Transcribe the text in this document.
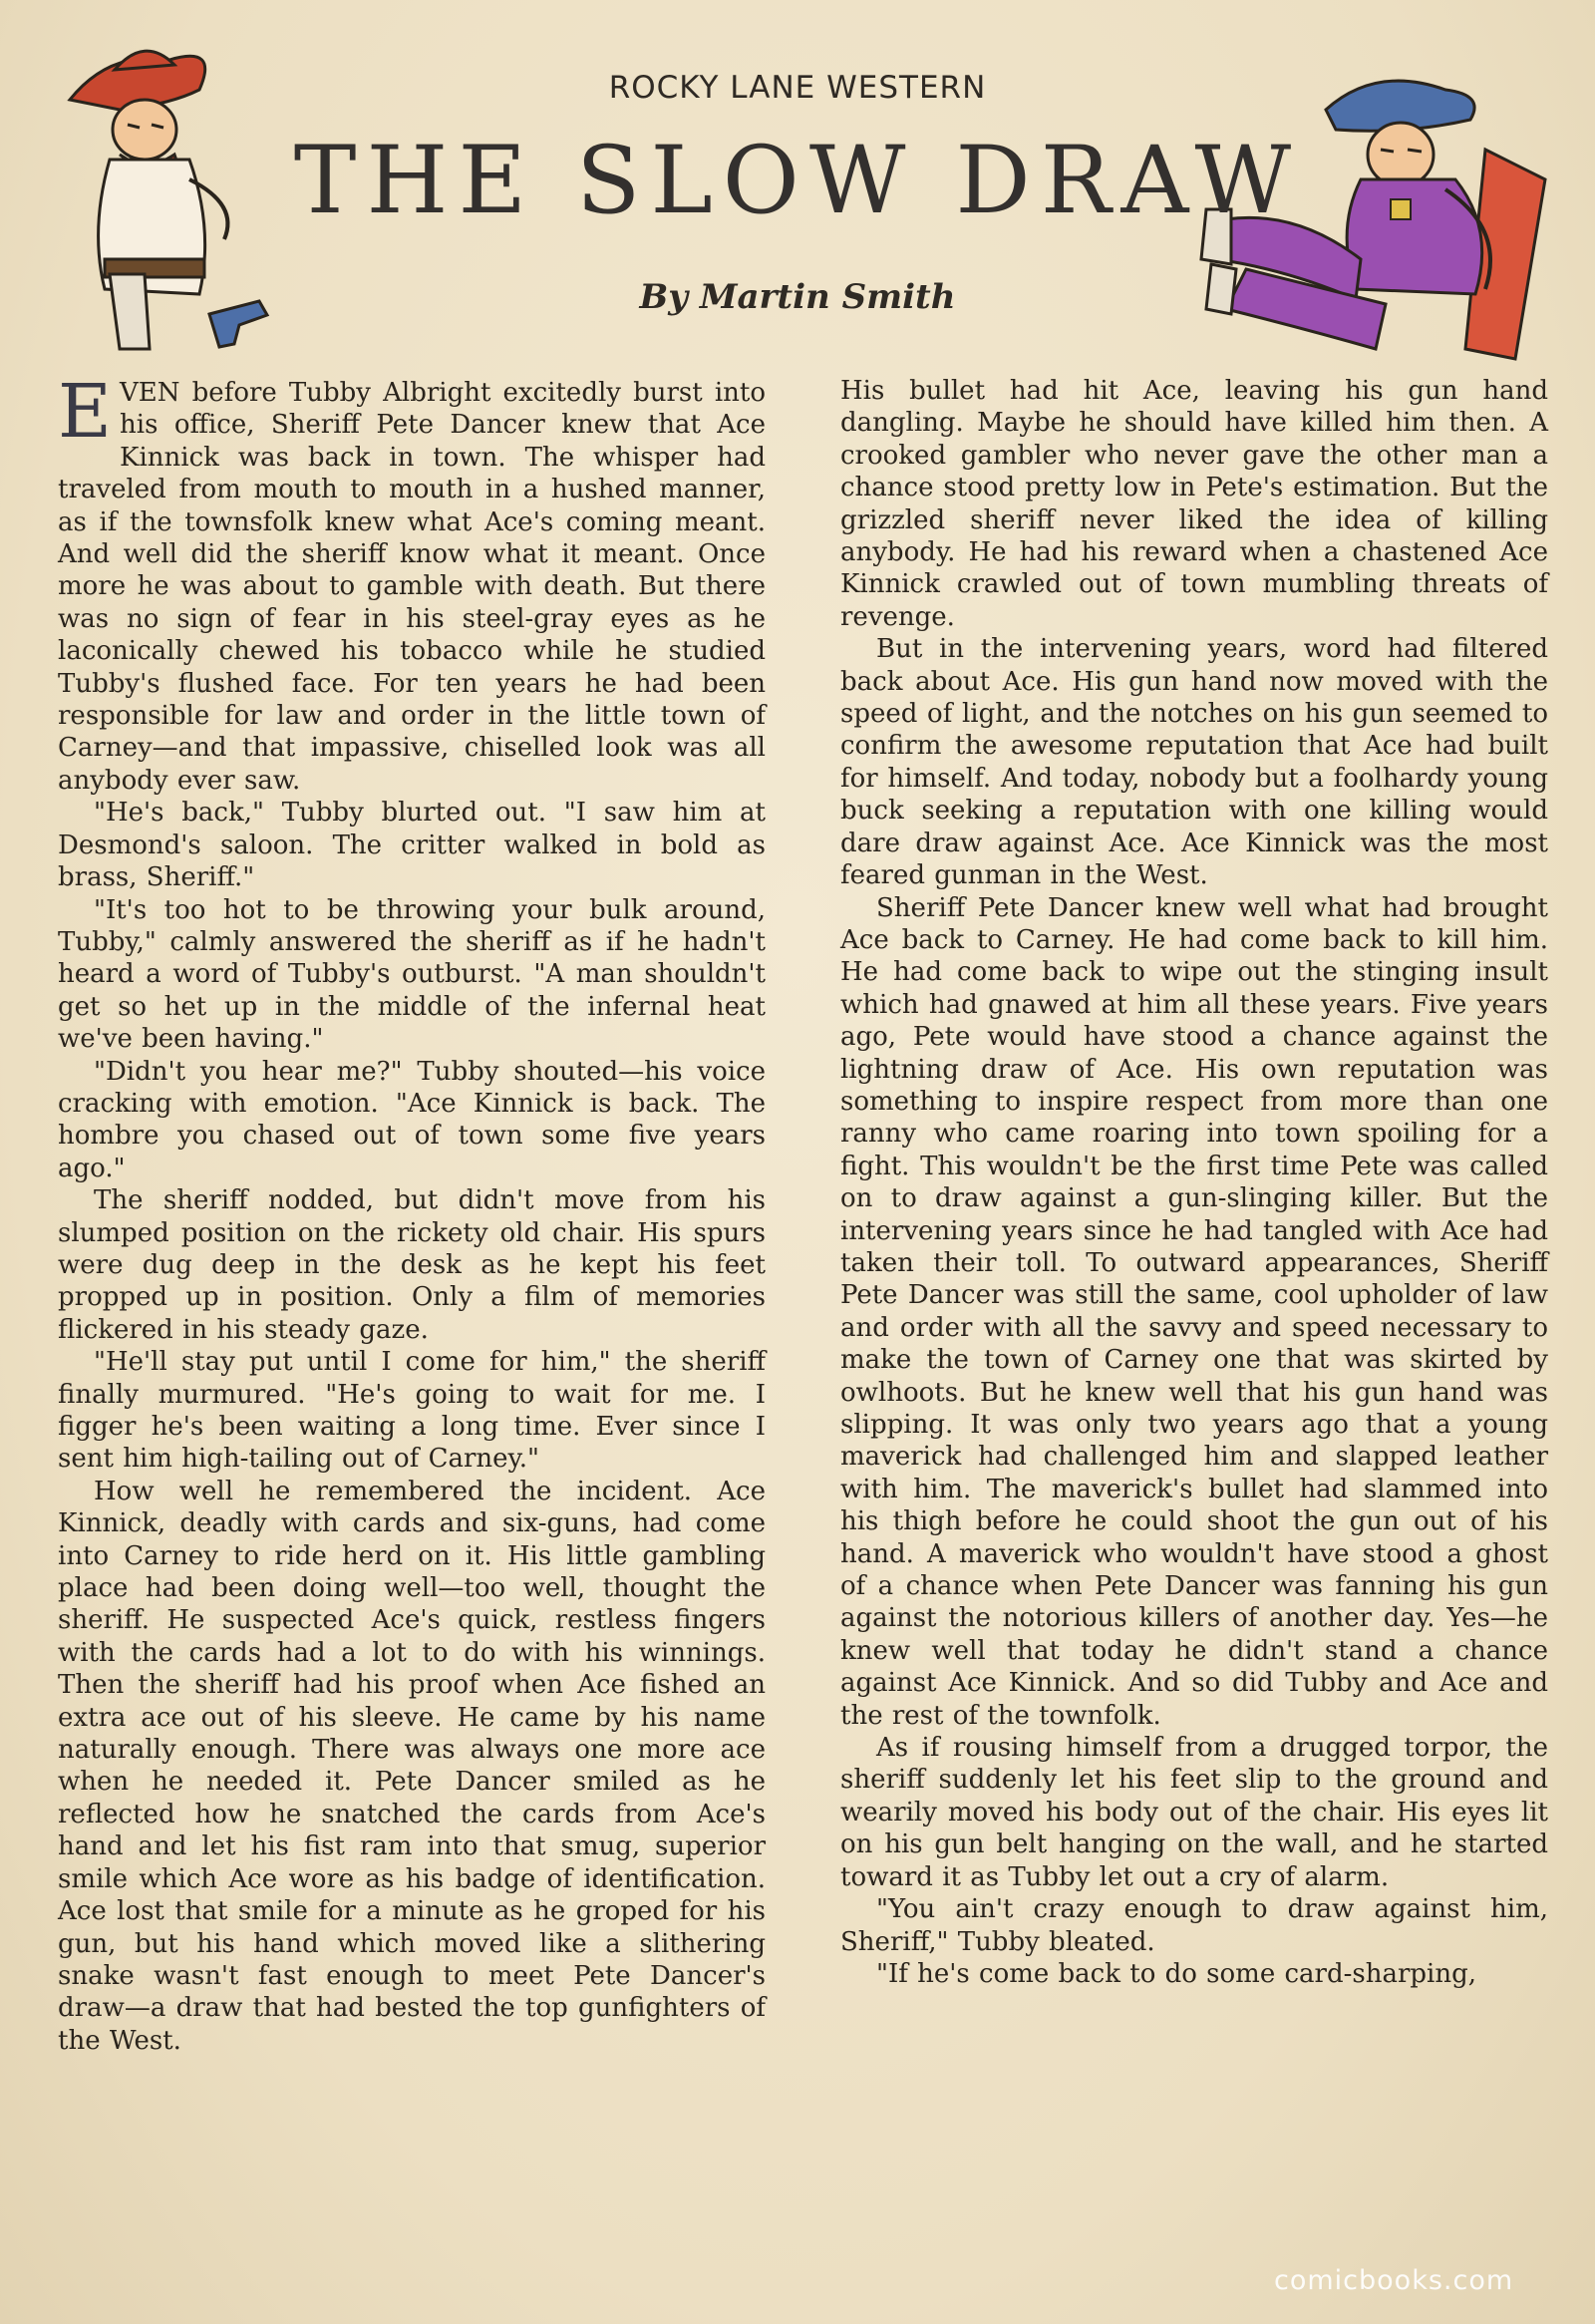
ROCKY LANE WESTERN
THE SLOW DRAW
By Martin Smith

EVEN before Tubby Albright excitedly burst into his office, Sheriff Pete Dancer knew that Ace Kinnick was back in town. The whisper had traveled from mouth to mouth in a hushed manner, as if the townsfolk knew what Ace's coming meant. And well did the sheriff know what it meant. Once more he was about to gamble with death. But there was no sign of fear in his steel-gray eyes as he laconically chewed his tobacco while he studied Tubby's flushed face. For ten years he had been responsible for law and order in the little town of Carney—and that impassive, chiselled look was all anybody ever saw.

"He's back," Tubby blurted out. "I saw him at Desmond's saloon. The critter walked in bold as brass, Sheriff."

"It's too hot to be throwing your bulk around, Tubby," calmly answered the sheriff as if he hadn't heard a word of Tubby's outburst. "A man shouldn't get so het up in the middle of the infernal heat we've been having."

"Didn't you hear me?" Tubby shouted—his voice cracking with emotion. "Ace Kinnick is back. The hombre you chased out of town some five years ago."

The sheriff nodded, but didn't move from his slumped position on the rickety old chair. His spurs were dug deep in the desk as he kept his feet propped up in position. Only a film of memories flickered in his steady gaze.

"He'll stay put until I come for him," the sheriff finally murmured. "He's going to wait for me. I figger he's been waiting a long time. Ever since I sent him high-tailing out of Carney."

How well he remembered the incident. Ace Kinnick, deadly with cards and six-guns, had come into Carney to ride herd on it. His little gambling place had been doing well—too well, thought the sheriff. He suspected Ace's quick, restless fingers with the cards had a lot to do with his winnings. Then the sheriff had his proof when Ace fished an extra ace out of his sleeve. He came by his name naturally enough. There was always one more ace when he needed it. Pete Dancer smiled as he reflected how he snatched the cards from Ace's hand and let his fist ram into that smug, superior smile which Ace wore as his badge of identification. Ace lost that smile for a minute as he groped for his gun, but his hand which moved like a slithering snake wasn't fast enough to meet Pete Dancer's draw—a draw that had bested the top gunfighters of the West.

His bullet had hit Ace, leaving his gun hand dangling. Maybe he should have killed him then. A crooked gambler who never gave the other man a chance stood pretty low in Pete's estimation. But the grizzled sheriff never liked the idea of killing anybody. He had his reward when a chastened Ace Kinnick crawled out of town mumbling threats of revenge.

But in the intervening years, word had filtered back about Ace. His gun hand now moved with the speed of light, and the notches on his gun seemed to confirm the awesome reputation that Ace had built for himself. And today, nobody but a foolhardy young buck seeking a reputation with one killing would dare draw against Ace. Ace Kinnick was the most feared gunman in the West.

Sheriff Pete Dancer knew well what had brought Ace back to Carney. He had come back to kill him. He had come back to wipe out the stinging insult which had gnawed at him all these years. Five years ago, Pete would have stood a chance against the lightning draw of Ace. His own reputation was something to inspire respect from more than one ranny who came roaring into town spoiling for a fight. This wouldn't be the first time Pete was called on to draw against a gun-slinging killer. But the intervening years since he had tangled with Ace had taken their toll. To outward appearances, Sheriff Pete Dancer was still the same, cool upholder of law and order with all the savvy and speed necessary to make the town of Carney one that was skirted by owlhoots. But he knew well that his gun hand was slipping. It was only two years ago that a young maverick had challenged him and slapped leather with him. The maverick's bullet had slammed into his thigh before he could shoot the gun out of his hand. A maverick who wouldn't have stood a ghost of a chance when Pete Dancer was fanning his gun against the notorious killers of another day. Yes—he knew well that today he didn't stand a chance against Ace Kinnick. And so did Tubby and Ace and the rest of the townfolk.

As if rousing himself from a drugged torpor, the sheriff suddenly let his feet slip to the ground and wearily moved his body out of the chair. His eyes lit on his gun belt hanging on the wall, and he started toward it as Tubby let out a cry of alarm.

"You ain't crazy enough to draw against him, Sheriff," Tubby bleated.

"If he's come back to do some card-sharping,

comicbooks.com
